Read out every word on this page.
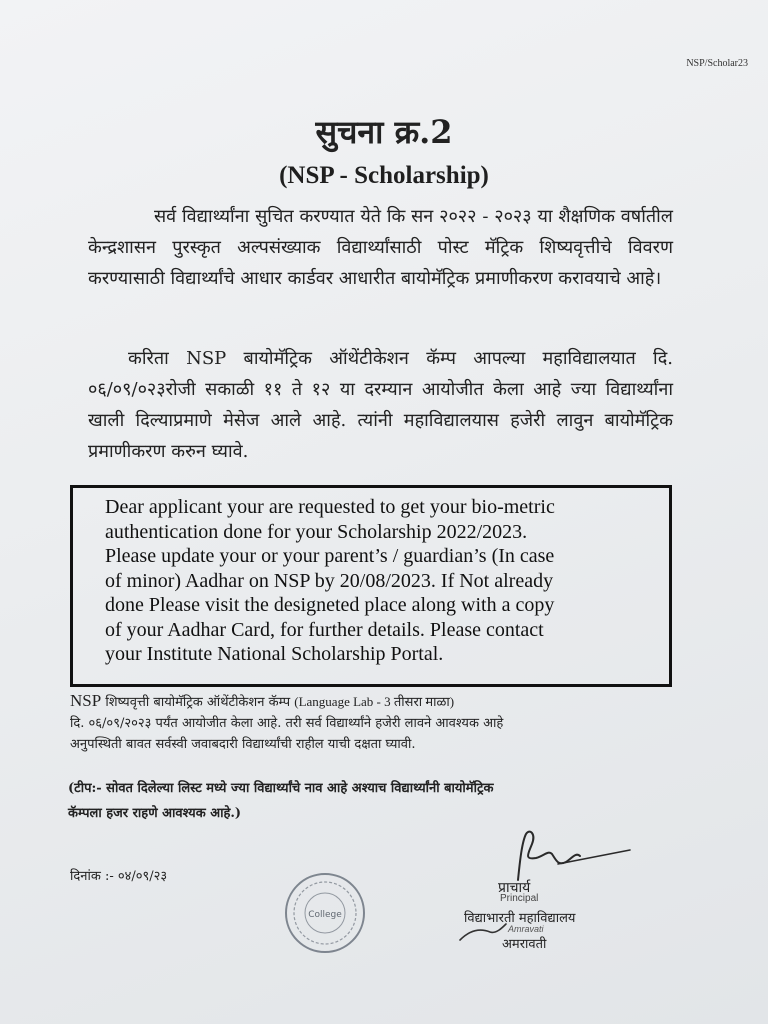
NSP/Scholar23
सुचना क्र.2
(NSP - Scholarship)
सर्व विद्यार्थ्यांना सुचित करण्यात येते कि सन २०२२ - २०२३ या शैक्षणिक वर्षातील केन्द्रशासन पुरस्कृत अल्पसंख्याक विद्यार्थ्यांसाठी पोस्ट मॅट्रिक शिष्यवृत्तीचे विवरण करण्यासाठी विद्यार्थ्यांचे आधार कार्डवर आधारीत बायोमॅट्रिक प्रमाणीकरण करावयाचे आहे।
करिता NSP बायोमॅट्रिक ऑथेंटीकेशन कॅम्प आपल्या महाविद्यालयात दि. ०६/०९/०२३रोजी सकाळी ११ ते १२ या दरम्यान आयोजीत केला आहे ज्या विद्यार्थ्यांना खाली दिल्याप्रमाणे मेसेज आले आहे. त्यांनी महाविद्यालयास हजेरी लावुन बायोमॅट्रिक प्रमाणीकरण करुन घ्यावे.
Dear applicant your are requested to get your bio-metric
authentication done for your Scholarship 2022/2023.
Please update your or your parent’s / guardian’s (In case
of minor) Aadhar on NSP by 20/08/2023. If Not already
done Please visit the designeted place along with a copy
of your Aadhar Card, for further details. Please contact
your Institute National Scholarship Portal.
NSP शिष्यवृत्ती बायोमॅट्रिक ऑथेंटीकेशन कॅम्प (Language Lab - 3 तीसरा माळा)
दि. ०६/०९/२०२३ पर्यंत आयोजीत केला आहे. तरी सर्व विद्यार्थ्यांने हजेरी लावने आवश्यक आहे
अनुपस्थिती बावत सर्वस्वी जवाबदारी विद्यार्थ्यांची राहील याची दक्षता घ्यावी.
(टीप:- सोवत दिलेल्या लिस्ट मध्ये ज्या विद्यार्थ्यांचे नाव आहे अश्याच विद्यार्थ्यांनी बायोमॅट्रिक
कॅम्पला हजर राहणे आवश्यक आहे.)
दिनांक :- ०४/०९/२३
College
प्राचार्य
Principal
विद्याभारती महाविद्यालय
Amravati
अमरावती
